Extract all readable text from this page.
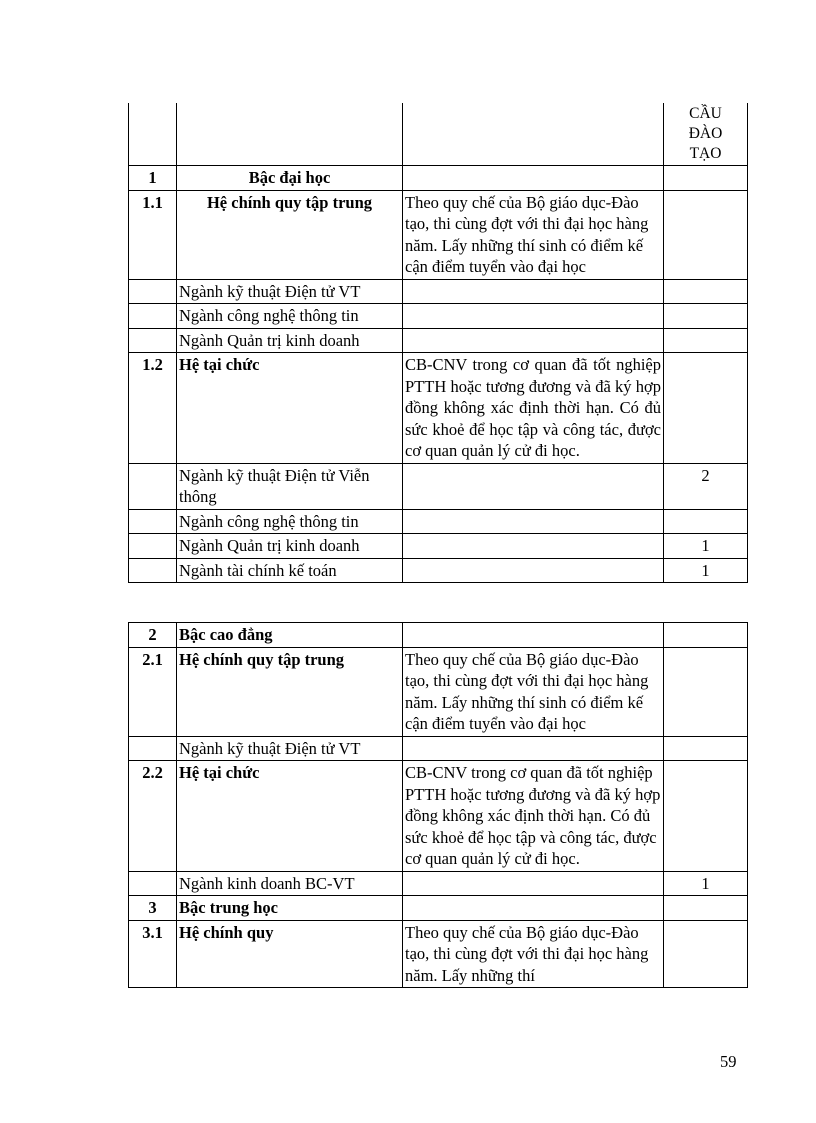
			CẦU
ĐÀO
TẠO

1	Bậc đại học		
1.1	Hệ chính quy tập trung	Theo quy chế của Bộ giáo dục-Đào tạo, thi cùng đợt với thi đại học hàng năm. Lấy những thí sinh có điểm kế cận điểm tuyển vào đại học	
	Ngành kỹ thuật Điện tử VT		
	Ngành công nghệ thông tin		
	Ngành Quản trị kinh doanh		
1.2	Hệ tại chức	CB-CNV trong cơ quan đã tốt nghiệp PTTH hoặc tương đương và đã ký hợp đồng không xác định thời hạn. Có đủ sức khoẻ để học tập và công tác, được cơ quan quản lý cử đi học.	
	Ngành kỹ thuật Điện tử Viễn thông		2
	Ngành công nghệ thông tin		
	Ngành Quản trị kinh doanh		1
	Ngành tài chính kế toán		1
2	Bậc cao đẳng		
2.1	Hệ chính quy tập trung	Theo quy chế của Bộ giáo dục-Đào tạo, thi cùng đợt với thi đại học hàng năm. Lấy những thí sinh có điểm kế cận điểm tuyển vào đại học	
	Ngành kỹ thuật Điện tử VT		
2.2	Hệ tại chức	CB-CNV trong cơ quan đã tốt nghiệp PTTH hoặc tương đương và đã ký hợp đồng không xác định thời hạn. Có đủ sức khoẻ để học tập và công tác, được cơ quan quản lý cử đi học.	
	Ngành kinh doanh BC-VT		1
3	Bậc trung học		
3.1	Hệ chính quy	Theo quy chế của Bộ giáo dục-Đào tạo, thi cùng đợt với thi đại học hàng năm. Lấy những thí	
59
